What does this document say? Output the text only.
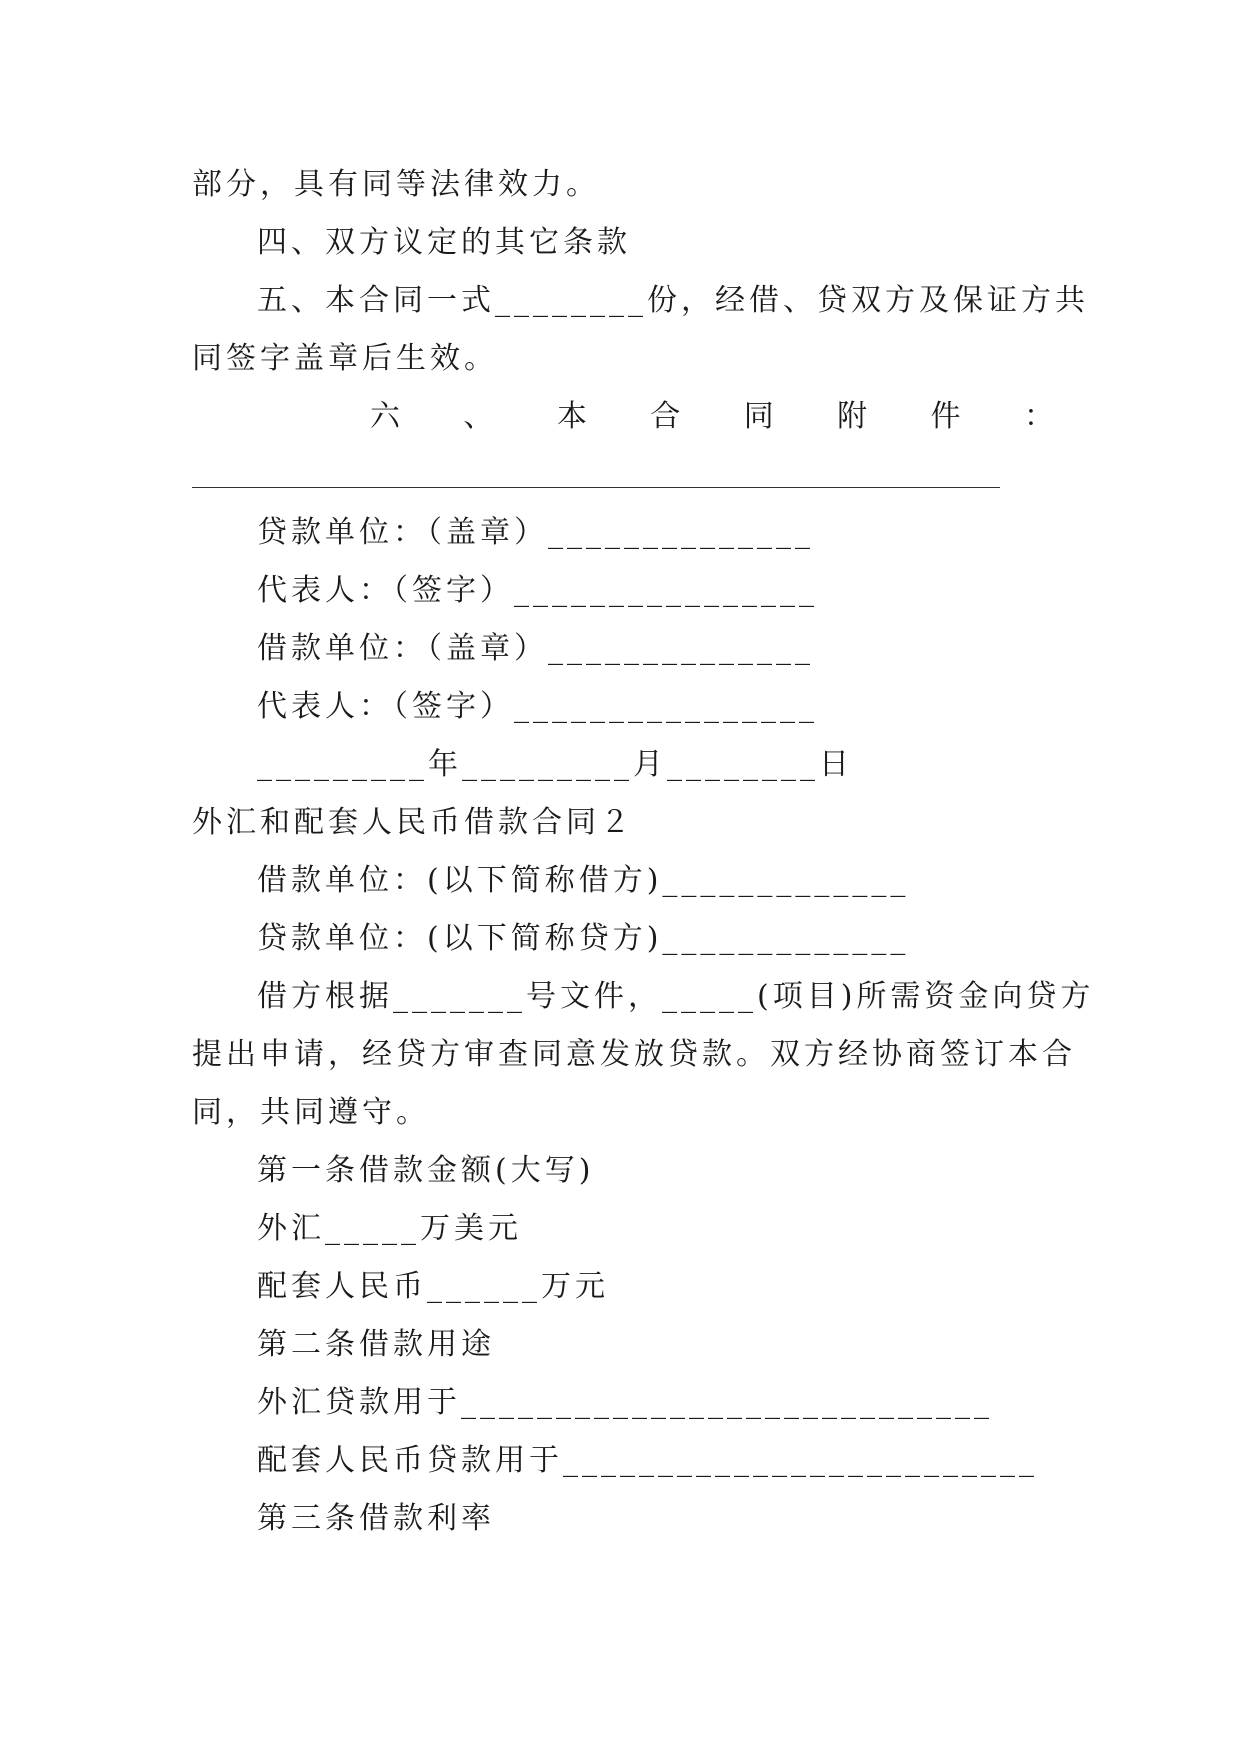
部分，具有同等法律效力。
四、双方议定的其它条款
五、本合同一式________份，经借、贷双方及保证方共
同签字盖章后生效。
六 、 本 合 同 附 件 ：
贷款单位：（盖章）______________
代表人：（签字）________________
借款单位：（盖章）______________
代表人：（签字）________________
_________年_________月________日
外汇和配套人民币借款合同２
借款单位：(以下简称借方)_____________
贷款单位：(以下简称贷方)_____________
借方根据_______号文件，_____(项目)所需资金向贷方
提出申请，经贷方审查同意发放贷款。双方经协商签订本合
同，共同遵守。
第一条借款金额(大写)
外汇_____万美元
配套人民币______万元
第二条借款用途
外汇贷款用于____________________________
配套人民币贷款用于_________________________
第三条借款利率
